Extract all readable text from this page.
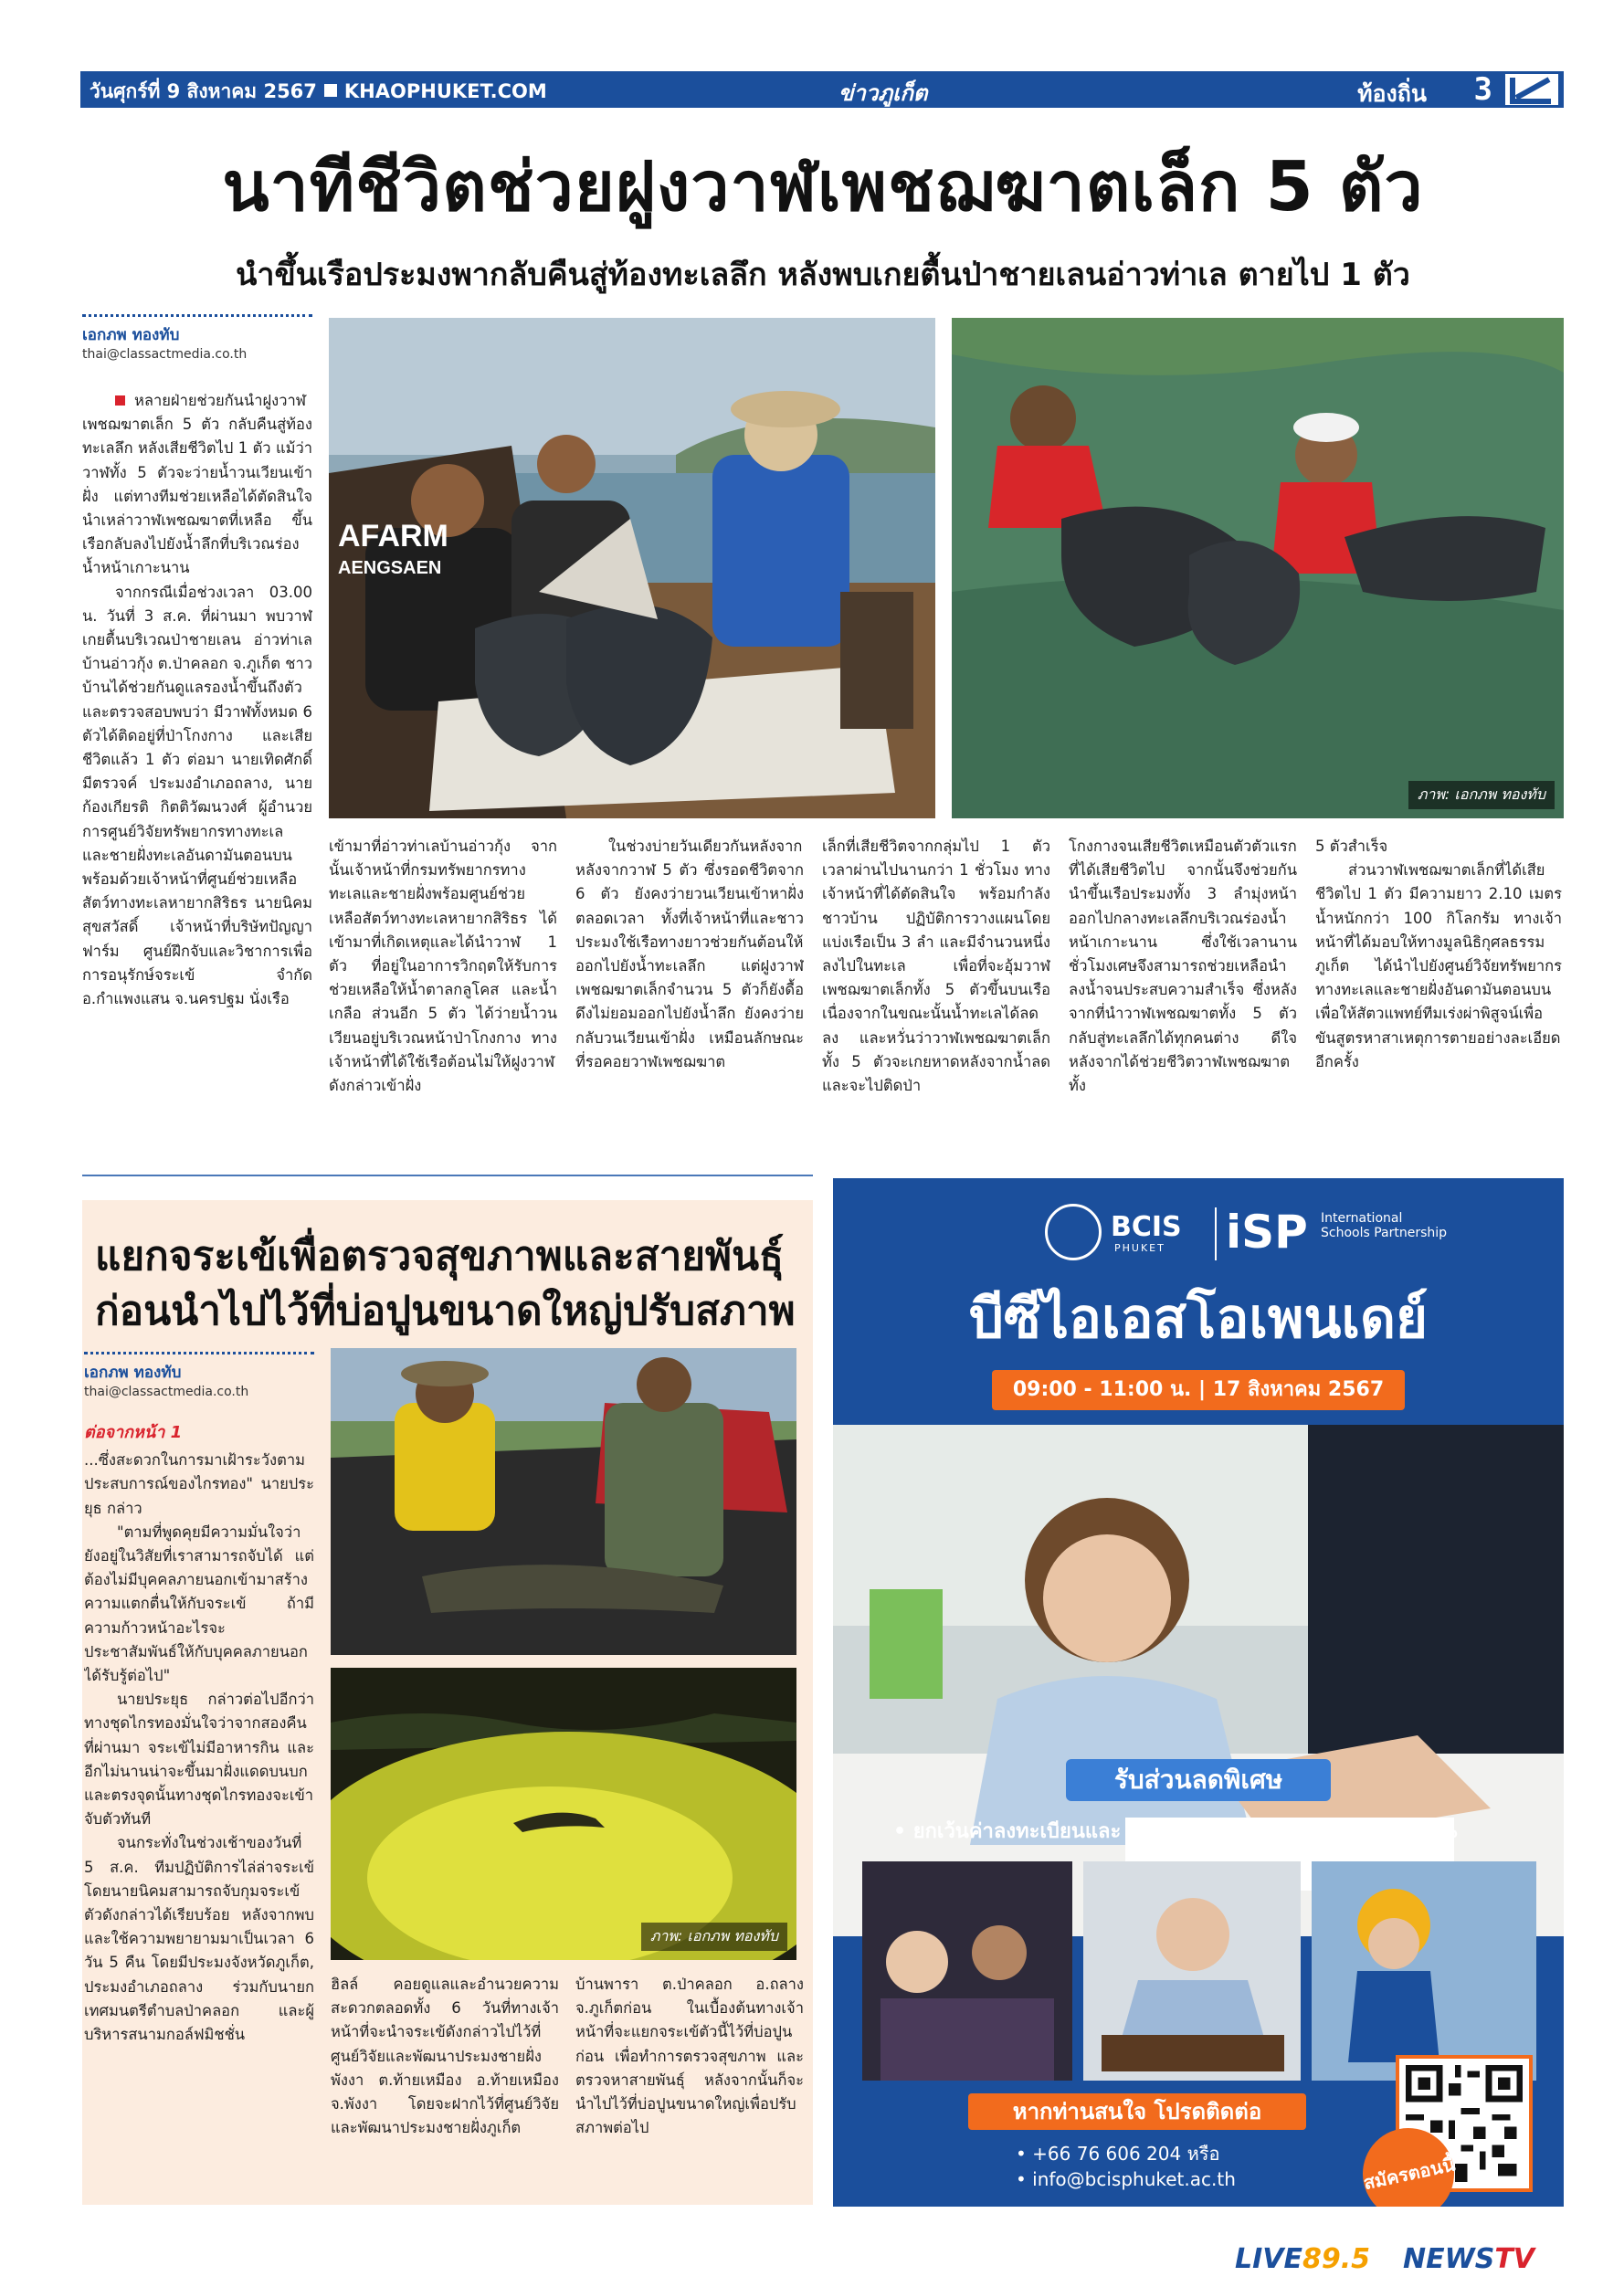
วันศุกร์ที่ 9 สิงหาคม 2567 KHAOPHUKET.COM	ข่าวภูเก็ต	ท้องถิ่น 3
นาทีชีวิตช่วยฝูงวาฬเพชฌฆาตเล็ก 5 ตัว
นำขึ้นเรือประมงพากลับคืนสู่ท้องทะเลลึก หลังพบเกยตื้นป่าชายเลนอ่าวท่าเล ตายไป 1 ตัว
เอกภพ ทองทับ
thai@classactmedia.co.th

หลายฝ่ายช่วยกันนำฝูงวาฬเพชฌฆาตเล็ก 5 ตัว กลับคืนสู่ท้องทะเลลึก หลังเสียชีวิตไป 1 ตัว แม้ว่าวาฬทั้ง 5 ตัวจะว่ายน้ำวนเวียนเข้าฝั่ง แต่ทางทีมช่วยเหลือได้ตัดสินใจนำเหล่าวาฬเพชฌฆาตที่เหลือ ขึ้นเรือกลับลงไปยังน้ำลึกที่บริเวณร่องน้ำหน้าเกาะนาน

จากกรณีเมื่อช่วงเวลา 03.00 น. วันที่ 3 ส.ค. ที่ผ่านมา พบวาฬเกยตื้นบริเวณป่าชายเลน อ่าวท่าเล บ้านอ่าวกุ้ง ต.ป่าคลอก จ.ภูเก็ต ชาวบ้านได้ช่วยกันดูแลรองน้ำขึ้นถึงตัว และตรวจสอบพบว่า มีวาฬทั้งหมด 6 ตัวได้ติดอยู่ที่ป่าโกงกาง และเสียชีวิตแล้ว 1 ตัว ต่อมา นายเทิดศักดิ์ มีตรวจค์ ประมงอำเภอถลาง, นายก้องเกียรติ กิตติวัฒนวงศ์ ผู้อำนวยการศูนย์วิจัยทรัพยากรทางทะเล และชายฝั่งทะเลอันดามันตอนบน พร้อมด้วยเจ้าหน้าที่ศูนย์ช่วยเหลือสัตว์ทางทะเลหายากสิริธร นายนิคม สุขสวัสดิ์ เจ้าหน้าที่บริษัทปัญญาฟาร์ม ศูนย์ฝึกจับและวิชาการเพื่อการอนุรักษ์จระเข้ จำกัด อ.กำแพงแสน จ.นครปฐม นั่งเรือ

AFARM
AENGSAEN
ภาพ: เอกภพ ทองทับ

เข้ามาที่อ่าวท่าเลบ้านอ่าวกุ้ง จากนั้นเจ้าหน้าที่กรมทรัพยากรทางทะเลและชายฝั่งพร้อมศูนย์ช่วยเหลือสัตว์ทางทะเลหายากสิริธร ได้เข้ามาที่เกิดเหตุและได้นำวาฬ 1 ตัว ที่อยู่ในอาการวิกฤตให้รับการช่วยเหลือให้น้ำตาลกลูโคส และน้ำเกลือ ส่วนอีก 5 ตัว ได้ว่ายน้ำวนเวียนอยู่บริเวณหน้าป่าโกงกาง ทางเจ้าหน้าที่ได้ใช้เรือต้อนไม่ให้ฝูงวาฬดังกล่าวเข้าฝั่ง

ในช่วงบ่ายวันเดียวกันหลังจากหลังจากวาฬ 5 ตัว ซึ่งรอดชีวิตจาก 6 ตัว ยังคงว่ายวนเวียนเข้าหาฝั่งตลอดเวลา ทั้งที่เจ้าหน้าที่และชาวประมงใช้เรือทางยาวช่วยกันต้อนให้ออกไปยังน้ำทะเลลึก แต่ฝูงวาฬเพชฌฆาตเล็กจำนวน 5 ตัวก็ยังดื้อดึงไม่ยอมออกไปยังน้ำลึก ยังคงว่ายกลับวนเวียนเข้าฝั่ง เหมือนลักษณะที่รอคอยวาฬเพชฌฆาต

เล็กที่เสียชีวิตจากกลุ่มไป 1 ตัว เวลาผ่านไปนานกว่า 1 ชั่วโมง ทางเจ้าหน้าที่ได้ตัดสินใจ พร้อมกำลังชาวบ้าน ปฏิบัติการวางแผนโดยแบ่งเรือเป็น 3 ลำ และมีจำนวนหนึ่งลงไปในทะเล เพื่อที่จะอุ้มวาฬเพชฌฆาตเล็กทั้ง 5 ตัวขึ้นบนเรือ เนื่องจากในขณะนั้นน้ำทะเลได้ลดลง และหวั่นว่าวาฬเพชฌฆาตเล็กทั้ง 5 ตัวจะเกยหาดหลังจากน้ำลด และจะไปติดป่า

โกงกางจนเสียชีวิตเหมือนตัวตัวแรกที่ได้เสียชีวิตไป จากนั้นจึงช่วยกันนำขึ้นเรือประมงทั้ง 3 ลำมุ่งหน้าออกไปกลางทะเลลึกบริเวณร่องน้ำหน้าเกาะนาน ซึ่งใช้เวลานานชั่วโมงเศษจึงสามารถช่วยเหลือนำลงน้ำจนประสบความสำเร็จ ซึ่งหลังจากที่นำวาฬเพชฌฆาตทั้ง 5 ตัว กลับสู่ทะเลลึกได้ทุกคนต่าง ดีใจ หลังจากได้ช่วยชีวิตวาฬเพชฌฆาตทั้ง

5 ตัวสำเร็จ

ส่วนวาฬเพชฌฆาตเล็กที่ได้เสียชีวิตไป 1 ตัว มีความยาว 2.10 เมตร น้ำหนักกว่า 100 กิโลกรัม ทางเจ้าหน้าที่ได้มอบให้ทางมูลนิธิกุศลธรรมภูเก็ต ได้นำไปยังศูนย์วิจัยทรัพยากรทางทะเลและชายฝั่งอันดามันตอนบน เพื่อให้สัตวแพทย์ทีมเร่งผ่าพิสูจน์เพื่อขันสูตรหาสาเหตุการตายอย่างละเอียดอีกครั้ง

แยกจระเข้เพื่อตรวจสุขภาพและสายพันธุ์
ก่อนนำไปไว้ที่บ่อปูนขนาดใหญ่ปรับสภาพ
เอกภพ ทองทับ
thai@classactmedia.co.th
ต่อจากหน้า 1

...ซึ่งสะดวกในการมาเฝ้าระวังตามประสบการณ์ของไกรทอง" นายประยุธ กล่าว

"ตามที่พูดคุยมีความมั่นใจว่ายังอยู่ในวิสัยที่เราสามารถจับได้ แต่ต้องไม่มีบุคคลภายนอกเข้ามาสร้างความแตกตื่นให้กับจระเข้ ถ้ามีความก้าวหน้าอะไรจะประชาสัมพันธ์ให้กับบุคคลภายนอกได้รับรู้ต่อไป"

นายประยุธ กล่าวต่อไปอีกว่า ทางชุดไกรทองมั่นใจว่าจากสองคืนที่ผ่านมา จระเข้ไม่มีอาหารกิน และอีกไม่นานน่าจะขึ้นมาฝั่งแดดบนบก และตรงจุดนั้นทางชุดไกรทองจะเข้าจับตัวทันที

จนกระทั่งในช่วงเช้าของวันที่ 5 ส.ค. ทีมปฏิบัติการไล่ล่าจระเข้โดยนายนิคมสามารถจับกุมจระเข้ตัวดังกล่าวได้เรียบร้อย หลังจากพบและใช้ความพยายามมาเป็นเวลา 6 วัน 5 คืน โดยมีประมงจังหวัดภูเก็ต, ประมงอำเภอถลาง ร่วมกับนายกเทศมนตรีตำบลป่าคลอก และผู้บริหารสนามกอล์ฟมิชชั่น

ภาพ: เอกภพ ทองทับ

ฮิลล์ คอยดูแลและอำนวยความสะดวกตลอดทั้ง 6 วันที่ทางเจ้าหน้าที่จะนำจระเข้ดังกล่าวไปไว้ที่ศูนย์วิจัยและพัฒนาประมงชายฝั่งพังงา ต.ท้ายเหมือง อ.ท้ายเหมือง จ.พังงา โดยจะฝากไว้ที่ศูนย์วิจัยและพัฒนาประมงชายฝั่งภูเก็ต

บ้านพารา ต.ป่าคลอก อ.ถลาง จ.ภูเก็ตก่อน ในเบื้องต้นทางเจ้าหน้าที่จะแยกจระเข้ตัวนี้ไว้ที่บ่อปูนก่อน เพื่อทำการตรวจสุขภาพ และตรวจหาสายพันธุ์ หลังจากนั้นก็จะนำไปไว้ที่บ่อปูนขนาดใหญ่เพื่อปรับสภาพต่อไป

BCIS
PHUKET iSP International Schools Partnership
บีซีไอเอสโอเพนเดย์
09:00 - 11:00 น. | 17 สิงหาคม 2567
รับส่วนลดพิเศษ
• ยกเว้นค่าลงทะเบียนและ	• ส่วนลดค่าแรกเข้า 20%
หากท่านสนใจ โปรดติดต่อ
• +66 76 606 204 หรือ
• info@bcisphuket.ac.th	สมัครตอนนี้
LIVE89.5 NEWSTV
